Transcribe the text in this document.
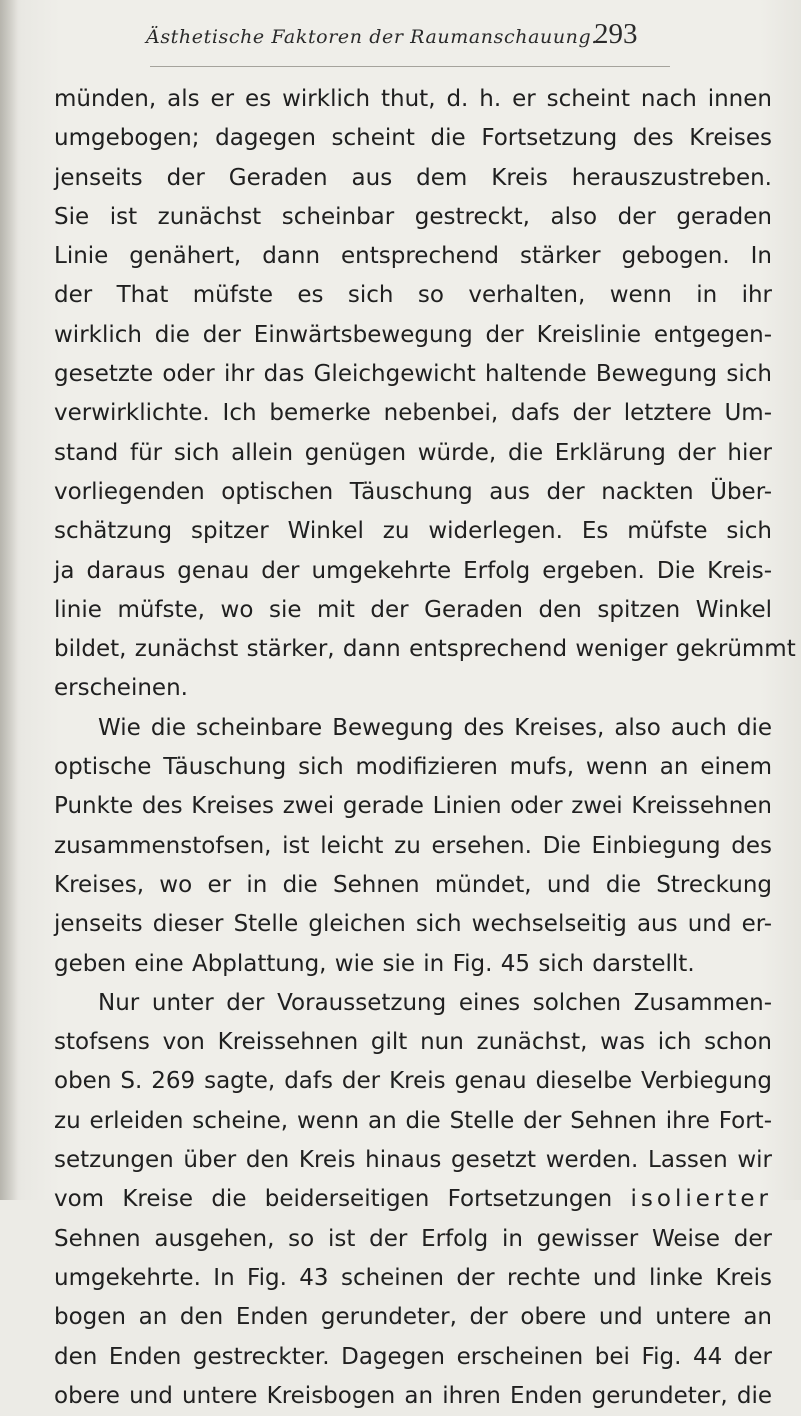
Ästhetische Faktoren der Raumanschauung.
293
münden, als er es wirklich thut, d. h. er scheint nach innen
umgebogen; dagegen scheint die Fortsetzung des Kreises
jenseits der Geraden aus dem Kreis herauszustreben.
Sie ist zunächst scheinbar gestreckt, also der geraden
Linie genähert, dann entsprechend stärker gebogen. In
der That müfste es sich so verhalten, wenn in ihr
wirklich die der Einwärtsbewegung der Kreislinie entgegen-
gesetzte oder ihr das Gleichgewicht haltende Bewegung sich
verwirklichte. Ich bemerke nebenbei, dafs der letztere Um-
stand für sich allein genügen würde, die Erklärung der hier
vorliegenden optischen Täuschung aus der nackten Über-
schätzung spitzer Winkel zu widerlegen. Es müfste sich
ja daraus genau der umgekehrte Erfolg ergeben. Die Kreis-
linie müfste, wo sie mit der Geraden den spitzen Winkel
bildet, zunächst stärker, dann entsprechend weniger gekrümmt
erscheinen.
Wie die scheinbare Bewegung des Kreises, also auch die
optische Täuschung sich modifizieren mufs, wenn an einem
Punkte des Kreises zwei gerade Linien oder zwei Kreissehnen
zusammenstofsen, ist leicht zu ersehen. Die Einbiegung des
Kreises, wo er in die Sehnen mündet, und die Streckung
jenseits dieser Stelle gleichen sich wechselseitig aus und er-
geben eine Abplattung, wie sie in Fig. 45 sich darstellt.
Nur unter der Voraussetzung eines solchen Zusammen-
stofsens von Kreissehnen gilt nun zunächst, was ich schon
oben S. 269 sagte, dafs der Kreis genau dieselbe Verbiegung
zu erleiden scheine, wenn an die Stelle der Sehnen ihre Fort-
setzungen über den Kreis hinaus gesetzt werden. Lassen wir
vom Kreise die beiderseitigen Fortsetzungen isolierter
Sehnen ausgehen, so ist der Erfolg in gewisser Weise der
umgekehrte. In Fig. 43 scheinen der rechte und linke Kreis
bogen an den Enden gerundeter, der obere und untere an
den Enden gestreckter. Dagegen erscheinen bei Fig. 44 der
obere und untere Kreisbogen an ihren Enden gerundeter, die
